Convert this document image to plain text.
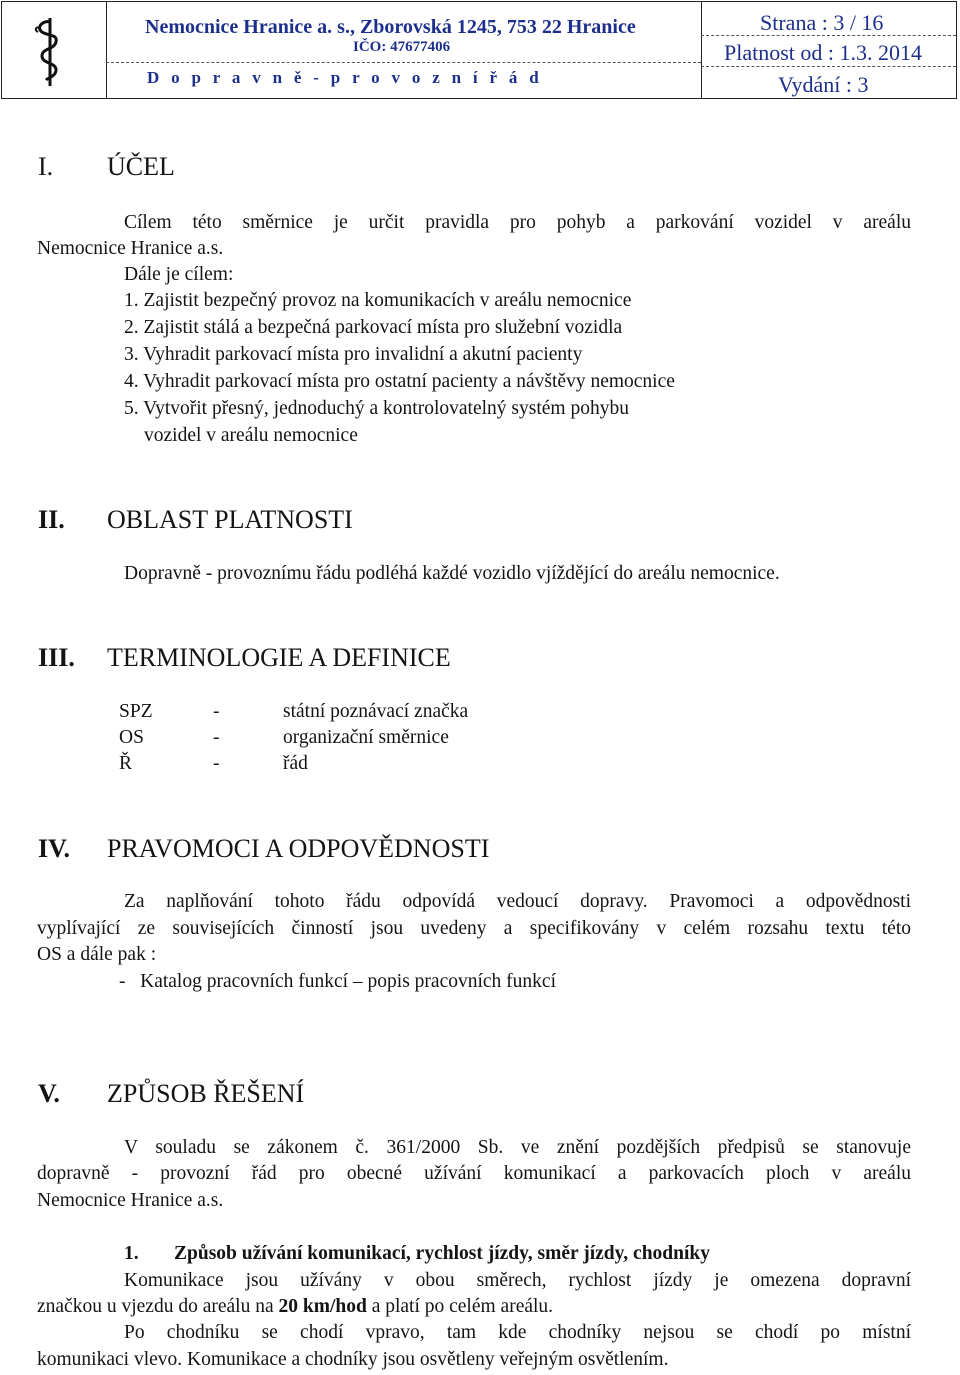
Nemocnice Hranice a. s., Zborovská 1245, 753 22 Hranice
IČO: 47677406
D o p r a v n ě - p r o v o z n í ř á d
Strana : 3 / 16
Platnost od : 1.3. 2014
Vydání : 3
I. ÚČEL
Cílem této směrnice je určit pravidla pro pohyb a parkování vozidel v areálu
Nemocnice Hranice a.s.
Dále je cílem:
1. Zajistit bezpečný provoz na komunikacích v areálu nemocnice
2. Zajistit stálá a bezpečná parkovací místa pro služební vozidla
3. Vyhradit parkovací místa pro invalidní a akutní pacienty
4. Vyhradit parkovací místa pro ostatní pacienty a návštěvy nemocnice
5. Vytvořit přesný, jednoduchý a kontrolovatelný systém pohybu
vozidel v areálu nemocnice
II. OBLAST PLATNOSTI
Dopravně - provoznímu řádu podléhá každé vozidlo vjíždějící do areálu nemocnice.
III. TERMINOLOGIE A DEFINICE
SPZ	-	státní poznávací značka
OS	-	organizační směrnice
Ř	-	řád
IV. PRAVOMOCI A ODPOVĚDNOSTI
Za naplňování tohoto řádu odpovídá vedoucí dopravy. Pravomoci a odpovědnosti
vyplívající ze souvisejících činností jsou uvedeny a specifikovány v celém rozsahu textu této
OS a dále pak :
-   Katalog pracovních funkcí – popis pracovních funkcí
V. ZPŮSOB ŘEŠENÍ
V souladu se zákonem č. 361/2000 Sb. ve znění pozdějších předpisů se stanovuje
dopravně - provozní řád pro obecné užívání komunikací a parkovacích ploch v areálu
Nemocnice Hranice a.s.
1. Způsob užívání komunikací, rychlost jízdy, směr jízdy, chodníky
Komunikace jsou užívány v obou směrech, rychlost jízdy je omezena dopravní
značkou u vjezdu do areálu na 20 km/hod a platí po celém areálu.
Po chodníku se chodí vpravo, tam kde chodníky nejsou se chodí po místní
komunikaci vlevo. Komunikace a chodníky jsou osvětleny veřejným osvětlením.
